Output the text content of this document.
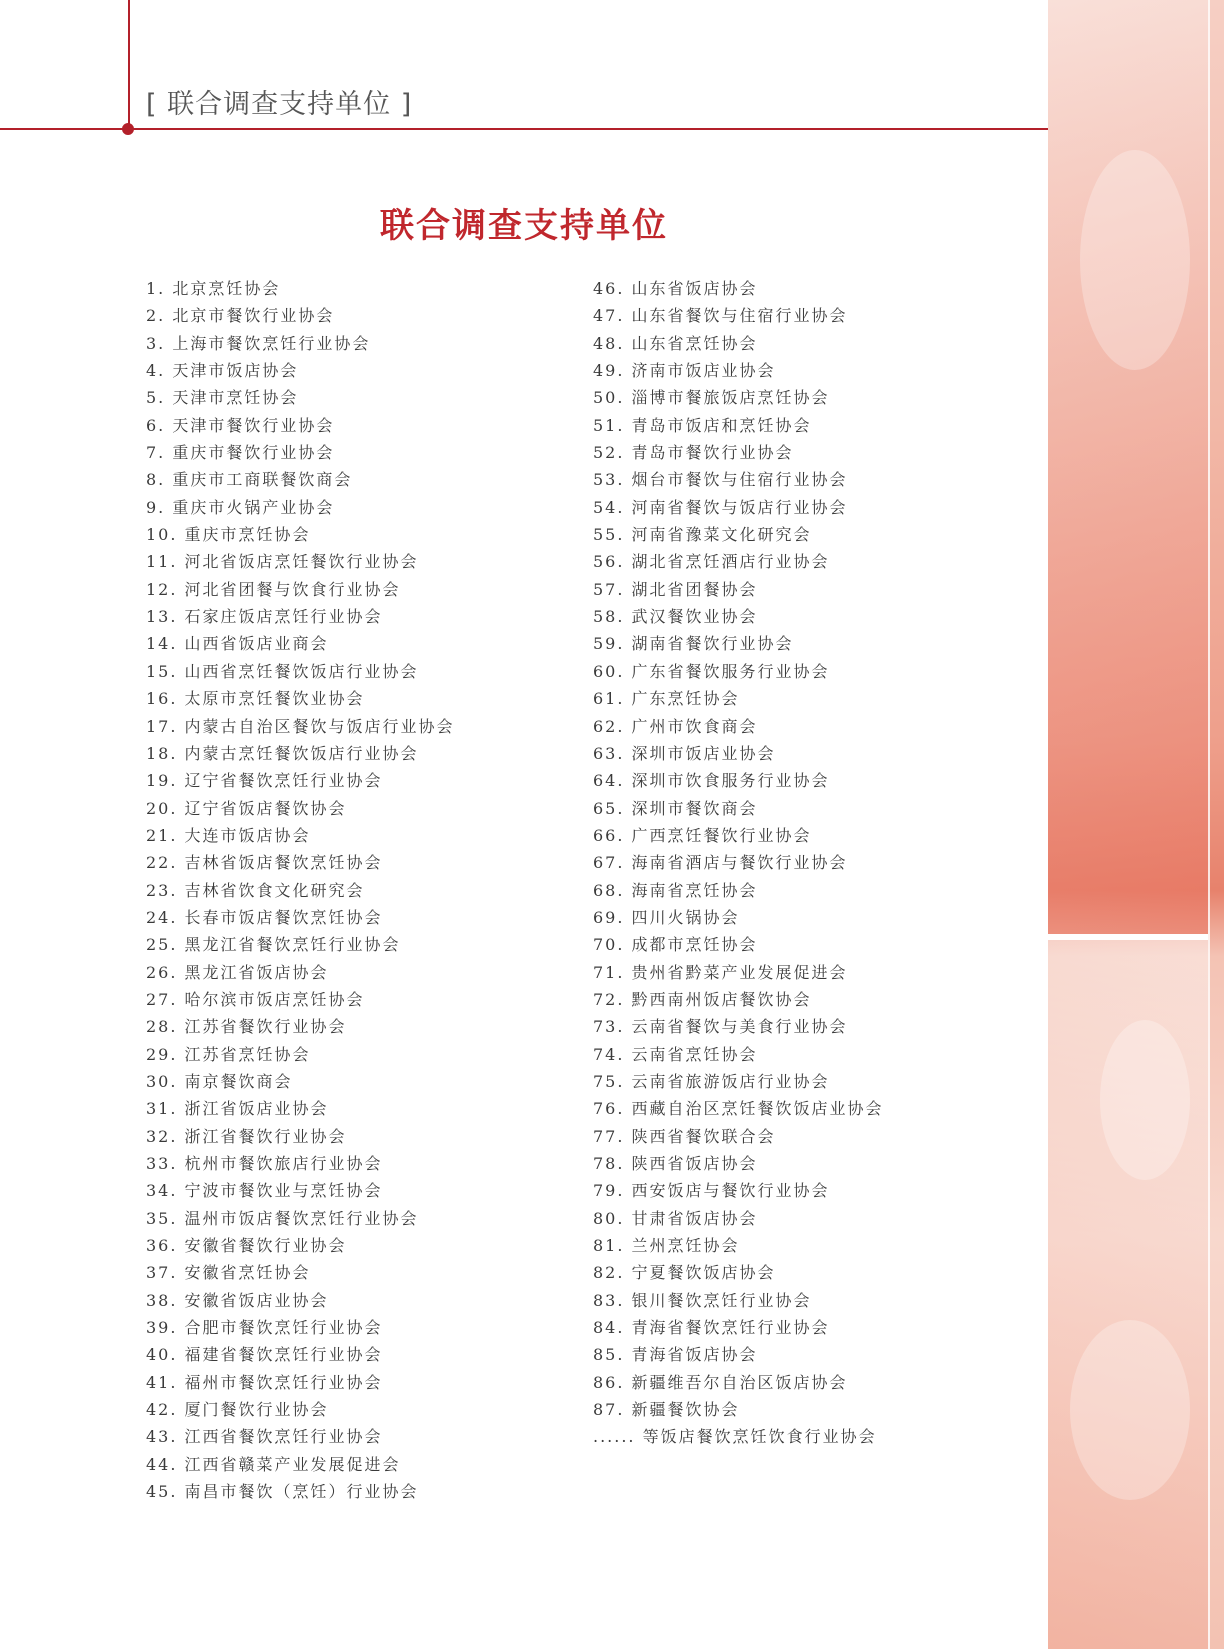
[ 联合调查支持单位 ]
联合调查支持单位
1. 北京烹饪协会
2. 北京市餐饮行业协会
3. 上海市餐饮烹饪行业协会
4. 天津市饭店协会
5. 天津市烹饪协会
6. 天津市餐饮行业协会
7. 重庆市餐饮行业协会
8. 重庆市工商联餐饮商会
9. 重庆市火锅产业协会
10. 重庆市烹饪协会
11. 河北省饭店烹饪餐饮行业协会
12. 河北省团餐与饮食行业协会
13. 石家庄饭店烹饪行业协会
14. 山西省饭店业商会
15. 山西省烹饪餐饮饭店行业协会
16. 太原市烹饪餐饮业协会
17. 内蒙古自治区餐饮与饭店行业协会
18. 内蒙古烹饪餐饮饭店行业协会
19. 辽宁省餐饮烹饪行业协会
20. 辽宁省饭店餐饮协会
21. 大连市饭店协会
22. 吉林省饭店餐饮烹饪协会
23. 吉林省饮食文化研究会
24. 长春市饭店餐饮烹饪协会
25. 黑龙江省餐饮烹饪行业协会
26. 黑龙江省饭店协会
27. 哈尔滨市饭店烹饪协会
28. 江苏省餐饮行业协会
29. 江苏省烹饪协会
30. 南京餐饮商会
31. 浙江省饭店业协会
32. 浙江省餐饮行业协会
33. 杭州市餐饮旅店行业协会
34. 宁波市餐饮业与烹饪协会
35. 温州市饭店餐饮烹饪行业协会
36. 安徽省餐饮行业协会
37. 安徽省烹饪协会
38. 安徽省饭店业协会
39. 合肥市餐饮烹饪行业协会
40. 福建省餐饮烹饪行业协会
41. 福州市餐饮烹饪行业协会
42. 厦门餐饮行业协会
43. 江西省餐饮烹饪行业协会
44. 江西省赣菜产业发展促进会
45. 南昌市餐饮（烹饪）行业协会
46. 山东省饭店协会
47. 山东省餐饮与住宿行业协会
48. 山东省烹饪协会
49. 济南市饭店业协会
50. 淄博市餐旅饭店烹饪协会
51. 青岛市饭店和烹饪协会
52. 青岛市餐饮行业协会
53. 烟台市餐饮与住宿行业协会
54. 河南省餐饮与饭店行业协会
55. 河南省豫菜文化研究会
56. 湖北省烹饪酒店行业协会
57. 湖北省团餐协会
58. 武汉餐饮业协会
59. 湖南省餐饮行业协会
60. 广东省餐饮服务行业协会
61. 广东烹饪协会
62. 广州市饮食商会
63. 深圳市饭店业协会
64. 深圳市饮食服务行业协会
65. 深圳市餐饮商会
66. 广西烹饪餐饮行业协会
67. 海南省酒店与餐饮行业协会
68. 海南省烹饪协会
69. 四川火锅协会
70. 成都市烹饪协会
71. 贵州省黔菜产业发展促进会
72. 黔西南州饭店餐饮协会
73. 云南省餐饮与美食行业协会
74. 云南省烹饪协会
75. 云南省旅游饭店行业协会
76. 西藏自治区烹饪餐饮饭店业协会
77. 陕西省餐饮联合会
78. 陕西省饭店协会
79. 西安饭店与餐饮行业协会
80. 甘肃省饭店协会
81. 兰州烹饪协会
82. 宁夏餐饮饭店协会
83. 银川餐饮烹饪行业协会
84. 青海省餐饮烹饪行业协会
85. 青海省饭店协会
86. 新疆维吾尔自治区饭店协会
87. 新疆餐饮协会
...... 等饭店餐饮烹饪饮食行业协会
